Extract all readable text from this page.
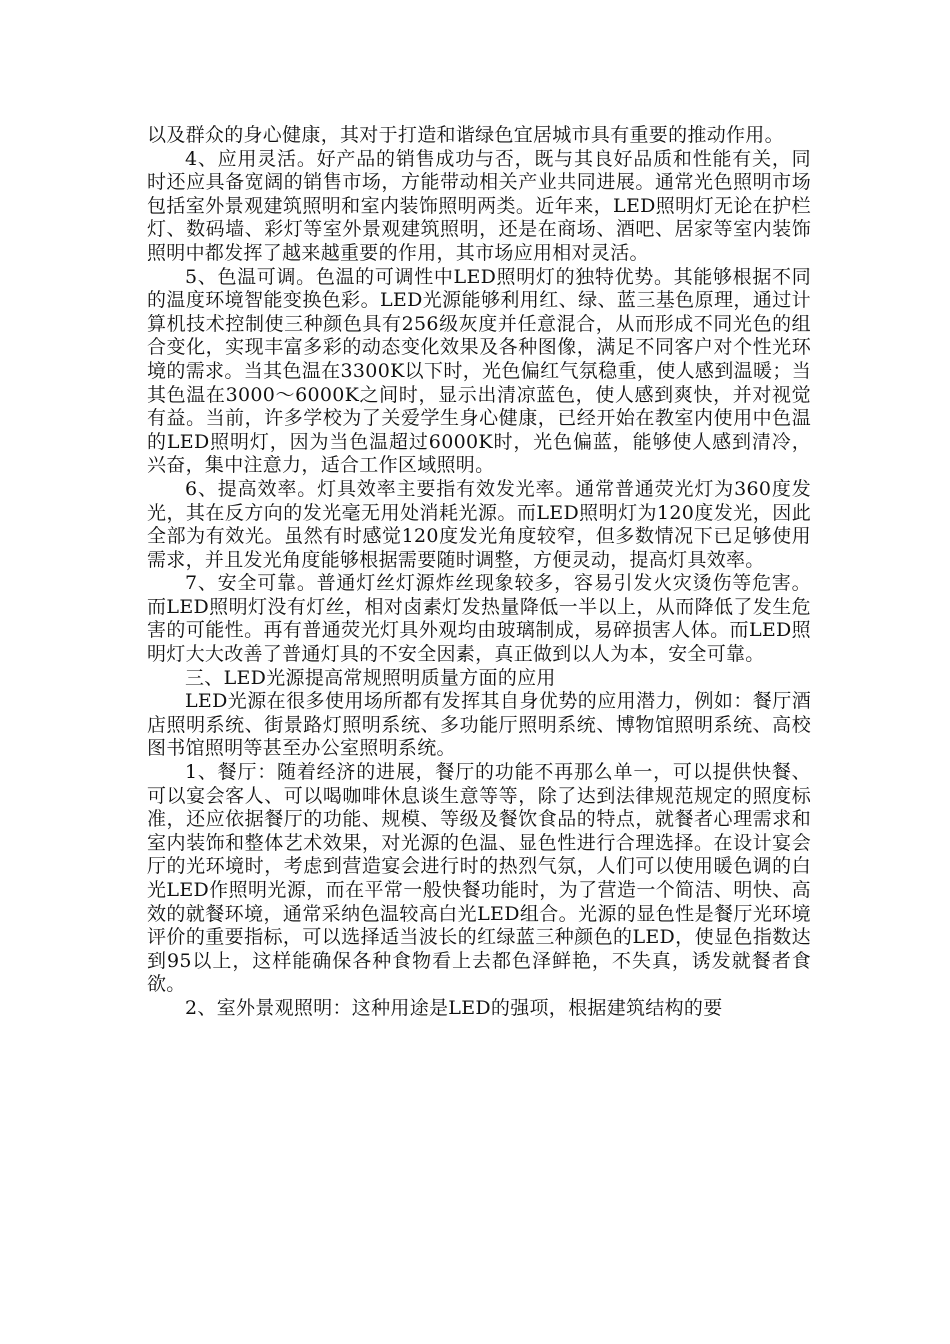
以及群众的身心健康，其对于打造和谐绿色宜居城市具有重要的推动作用。

4、应用灵活。好产品的销售成功与否，既与其良好品质和性能有关，同时还应具备宽阔的销售市场，方能带动相关产业共同进展。通常光色照明市场包括室外景观建筑照明和室内装饰照明两类。近年来，LED照明灯无论在护栏灯、数码墙、彩灯等室外景观建筑照明，还是在商场、酒吧、居家等室内装饰照明中都发挥了越来越重要的作用，其市场应用相对灵活。

5、色温可调。色温的可调性中LED照明灯的独特优势。其能够根据不同的温度环境智能变换色彩。LED光源能够利用红、绿、蓝三基色原理，通过计算机技术控制使三种颜色具有256级灰度并任意混合，从而形成不同光色的组合变化，实现丰富多彩的动态变化效果及各种图像，满足不同客户对个性光环境的需求。当其色温在3300K以下时，光色偏红气氛稳重，使人感到温暖；当其色温在3000～6000K之间时，显示出清凉蓝色，使人感到爽快，并对视觉有益。当前，许多学校为了关爱学生身心健康，已经开始在教室内使用中色温的LED照明灯，因为当色温超过6000K时，光色偏蓝，能够使人感到清冷，兴奋，集中注意力，适合工作区域照明。

6、提高效率。灯具效率主要指有效发光率。通常普通荧光灯为360度发光，其在反方向的发光毫无用处消耗光源。而LED照明灯为120度发光，因此全部为有效光。虽然有时感觉120度发光角度较窄，但多数情况下已足够使用需求，并且发光角度能够根据需要随时调整，方便灵动，提高灯具效率。

7、安全可靠。普通灯丝灯源炸丝现象较多，容易引发火灾烫伤等危害。而LED照明灯没有灯丝，相对卤素灯发热量降低一半以上，从而降低了发生危害的可能性。再有普通荧光灯具外观均由玻璃制成，易碎损害人体。而LED照明灯大大改善了普通灯具的不安全因素，真正做到以人为本，安全可靠。

三、LED光源提高常规照明质量方面的应用

LED光源在很多使用场所都有发挥其自身优势的应用潜力，例如：餐厅酒店照明系统、街景路灯照明系统、多功能厅照明系统、博物馆照明系统、高校图书馆照明等甚至办公室照明系统。

1、餐厅：随着经济的进展，餐厅的功能不再那么单一，可以提供快餐、可以宴会客人、可以喝咖啡休息谈生意等等，除了达到法律规范规定的照度标准，还应依据餐厅的功能、规模、等级及餐饮食品的特点，就餐者心理需求和室内装饰和整体艺术效果，对光源的色温、显色性进行合理选择。在设计宴会厅的光环境时，考虑到营造宴会进行时的热烈气氛，人们可以使用暖色调的白光LED作照明光源，而在平常一般快餐功能时，为了营造一个简洁、明快、高效的就餐环境，通常采纳色温较高白光LED组合。光源的显色性是餐厅光环境评价的重要指标，可以选择适当波长的红绿蓝三种颜色的LED，使显色指数达到95以上，这样能确保各种食物看上去都色泽鲜艳，不失真，诱发就餐者食欲。

2、室外景观照明：这种用途是LED的强项，根据建筑结构的要
